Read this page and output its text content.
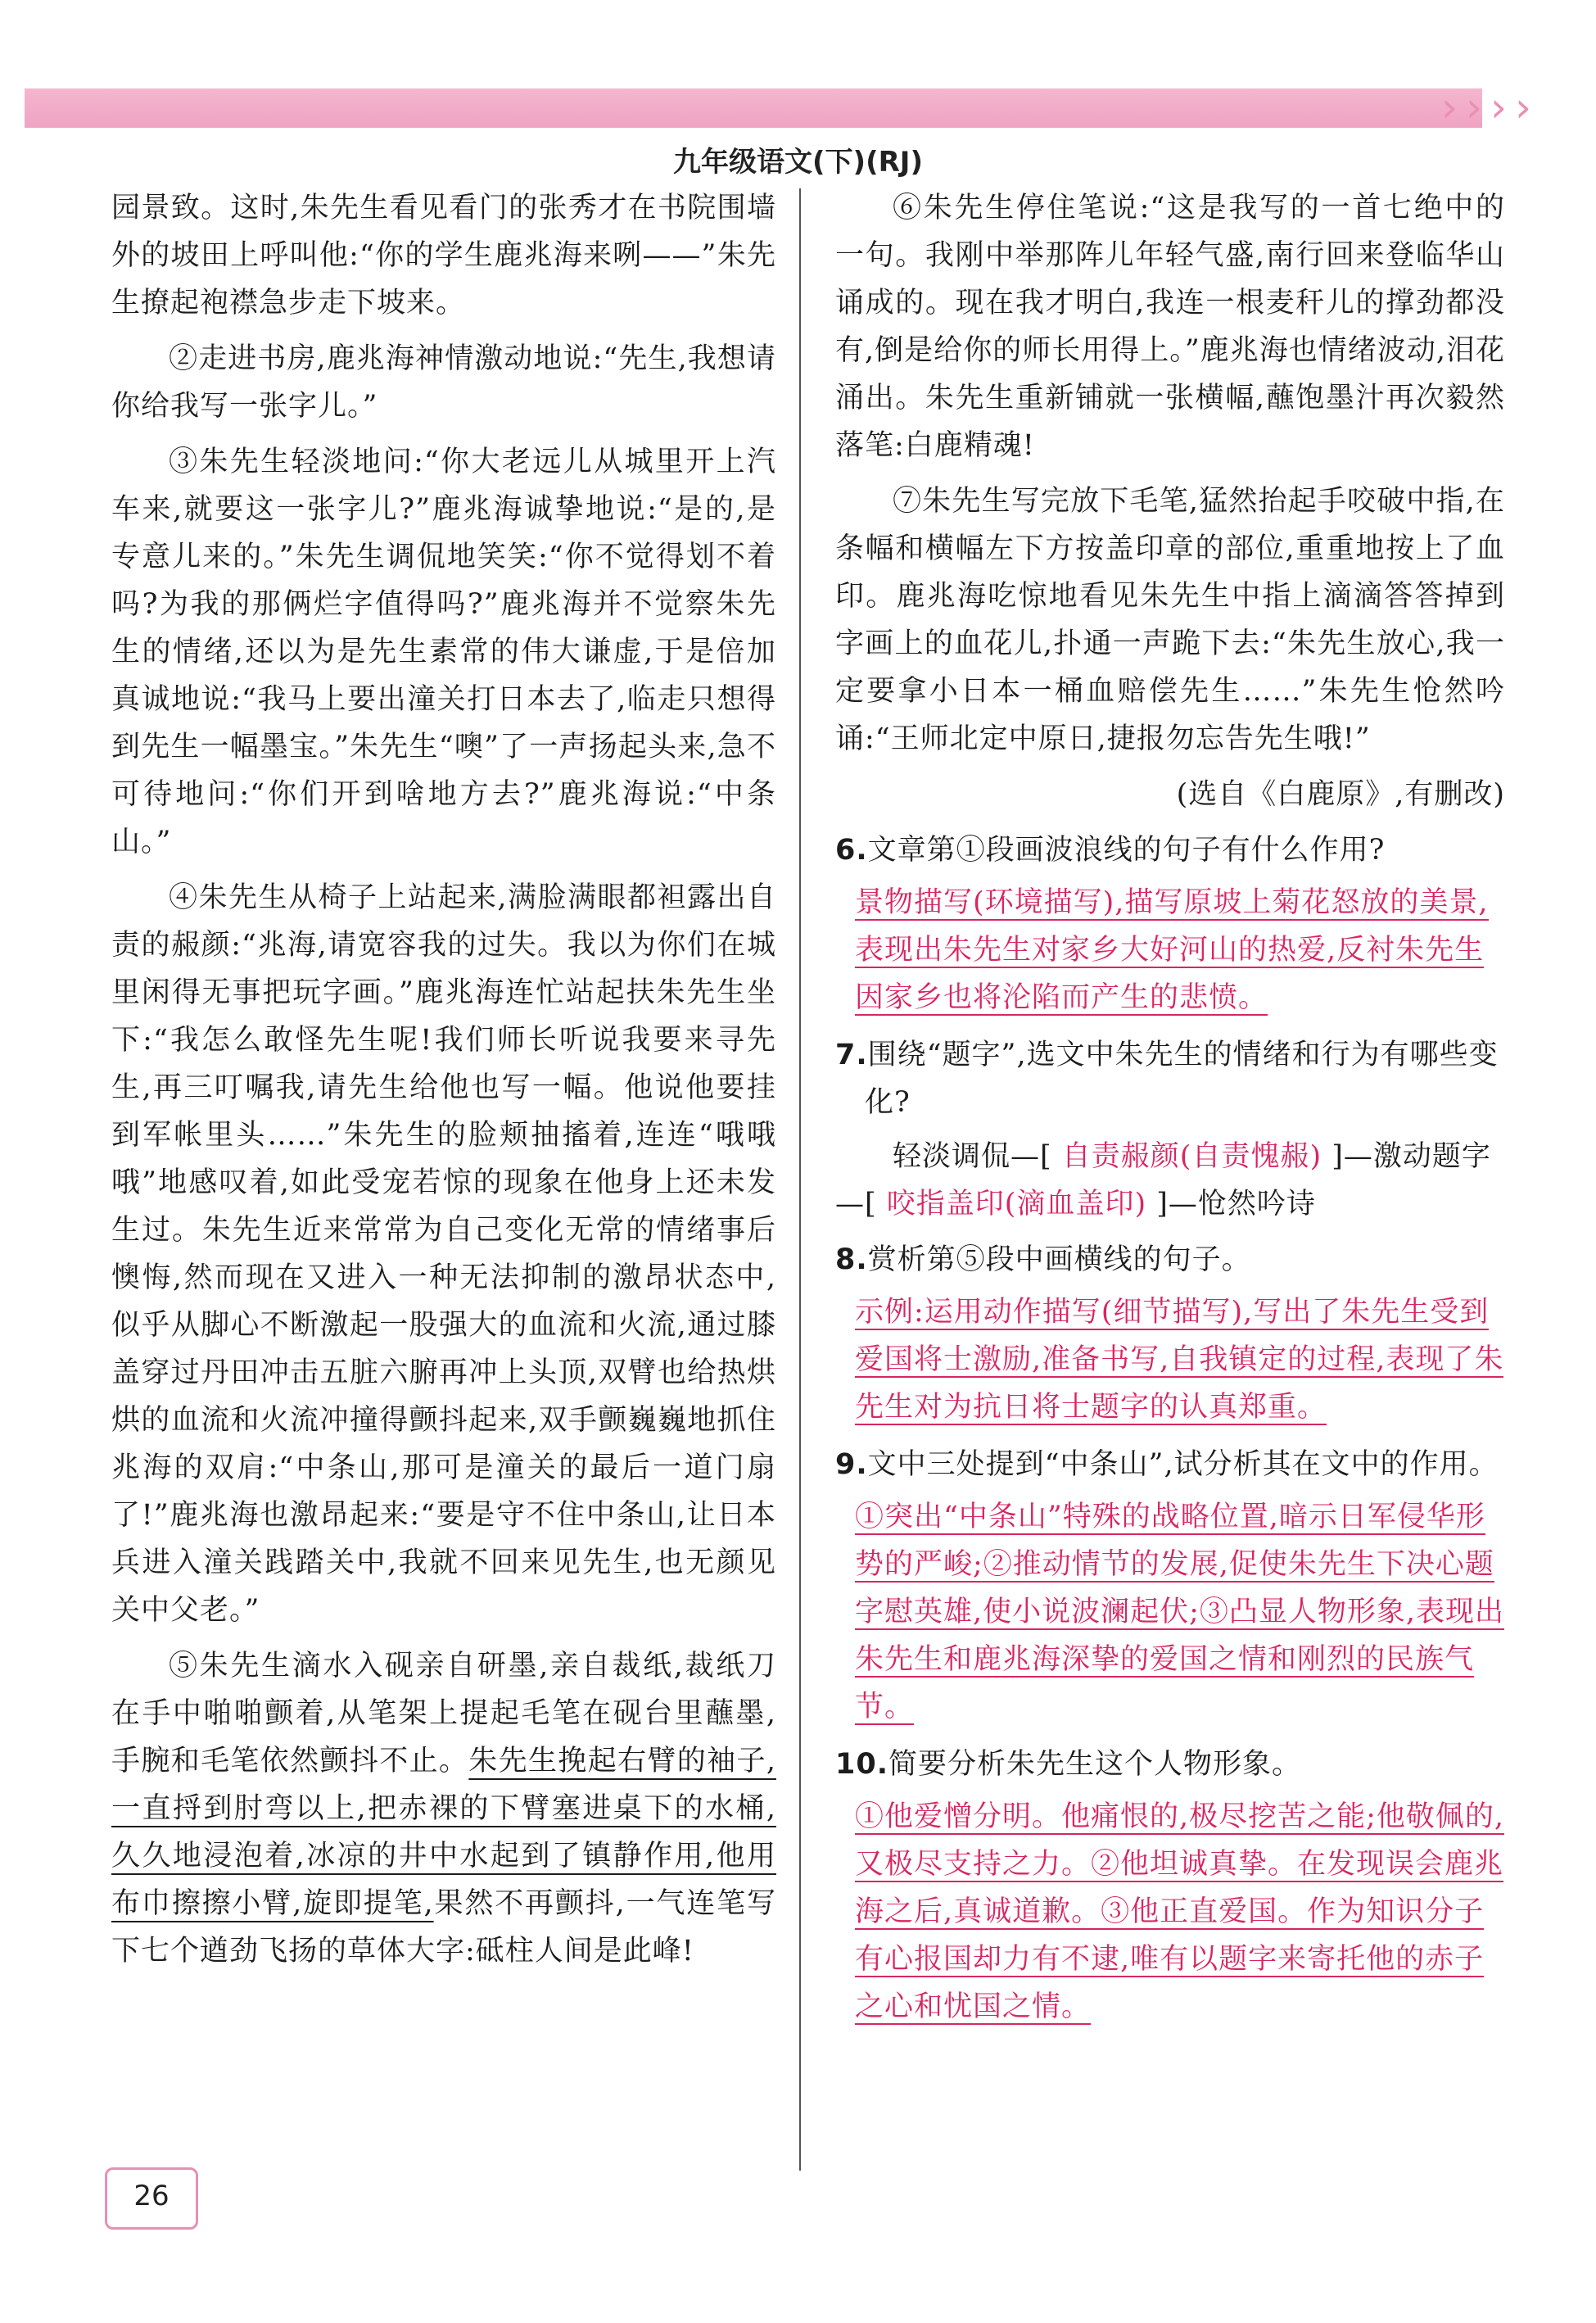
› › › ›
九年级语文(下)(RJ)

园景致。这时,朱先生看见看门的张秀才在书院围墙外的坡田上呼叫他:“你的学生鹿兆海来咧——”朱先生撩起袍襟急步走下坡来。

②走进书房,鹿兆海神情激动地说:“先生,我想请你给我写一张字儿。”

③朱先生轻淡地问:“你大老远儿从城里开上汽车来,就要这一张字儿?”鹿兆海诚挚地说:“是的,是专意儿来的。”朱先生调侃地笑笑:“你不觉得划不着吗?为我的那俩烂字值得吗?”鹿兆海并不觉察朱先生的情绪,还以为是先生素常的伟大谦虚,于是倍加真诚地说:“我马上要出潼关打日本去了,临走只想得到先生一幅墨宝。”朱先生“噢”了一声扬起头来,急不可待地问:“你们开到啥地方去?”鹿兆海说:“中条山。”

④朱先生从椅子上站起来,满脸满眼都袒露出自责的赧颜:“兆海,请宽容我的过失。我以为你们在城里闲得无事把玩字画。”鹿兆海连忙站起扶朱先生坐下:“我怎么敢怪先生呢!我们师长听说我要来寻先生,再三叮嘱我,请先生给他也写一幅。他说他要挂到军帐里头……”朱先生的脸颊抽搐着,连连“哦哦哦”地感叹着,如此受宠若惊的现象在他身上还未发生过。朱先生近来常常为自己变化无常的情绪事后懊悔,然而现在又进入一种无法抑制的激昂状态中,似乎从脚心不断激起一股强大的血流和火流,通过膝盖穿过丹田冲击五脏六腑再冲上头顶,双臂也给热烘烘的血流和火流冲撞得颤抖起来,双手颤巍巍地抓住兆海的双肩:“中条山,那可是潼关的最后一道门扇了!”鹿兆海也激昂起来:“要是守不住中条山,让日本兵进入潼关践踏关中,我就不回来见先生,也无颜见关中父老。”

⑤朱先生滴水入砚亲自研墨,亲自裁纸,裁纸刀在手中啪啪颤着,从笔架上提起毛笔在砚台里蘸墨,手腕和毛笔依然颤抖不止。朱先生挽起右臂的袖子,一直捋到肘弯以上,把赤裸的下臂塞进桌下的水桶,久久地浸泡着,冰凉的井中水起到了镇静作用,他用布巾擦擦小臂,旋即提笔,果然不再颤抖,一气连笔写下七个遒劲飞扬的草体大字:砥柱人间是此峰!

⑥朱先生停住笔说:“这是我写的一首七绝中的一句。我刚中举那阵儿年轻气盛,南行回来登临华山诵成的。现在我才明白,我连一根麦秆儿的撑劲都没有,倒是给你的师长用得上。”鹿兆海也情绪波动,泪花涌出。朱先生重新铺就一张横幅,蘸饱墨汁再次毅然落笔:白鹿精魂!

⑦朱先生写完放下毛笔,猛然抬起手咬破中指,在条幅和横幅左下方按盖印章的部位,重重地按上了血印。鹿兆海吃惊地看见朱先生中指上滴滴答答掉到字画上的血花儿,扑通一声跪下去:“朱先生放心,我一定要拿小日本一桶血赔偿先生……”朱先生怆然吟诵:“王师北定中原日,捷报勿忘告先生哦!”

(选自《白鹿原》,有删改)
6.文章第①段画波浪线的句子有什么作用?
景物描写(环境描写),描写原坡上菊花怒放的美景,表现出朱先生对家乡大好河山的热爱,反衬朱先生因家乡也将沦陷而产生的悲愤。
7.围绕“题字”,选文中朱先生的情绪和行为有哪些变化?
轻淡调侃—[ 自责赧颜(自责愧赧) ]—激动题字—[ 咬指盖印(滴血盖印) ]—怆然吟诗
8.赏析第⑤段中画横线的句子。
示例:运用动作描写(细节描写),写出了朱先生受到爱国将士激励,准备书写,自我镇定的过程,表现了朱先生对为抗日将士题字的认真郑重。
9.文中三处提到“中条山”,试分析其在文中的作用。
①突出“中条山”特殊的战略位置,暗示日军侵华形势的严峻;②推动情节的发展,促使朱先生下决心题字慰英雄,使小说波澜起伏;③凸显人物形象,表现出朱先生和鹿兆海深挚的爱国之情和刚烈的民族气节。
10.简要分析朱先生这个人物形象。
①他爱憎分明。他痛恨的,极尽挖苦之能;他敬佩的,又极尽支持之力。②他坦诚真挚。在发现误会鹿兆海之后,真诚道歉。③他正直爱国。作为知识分子有心报国却力有不逮,唯有以题字来寄托他的赤子之心和忧国之情。
26
